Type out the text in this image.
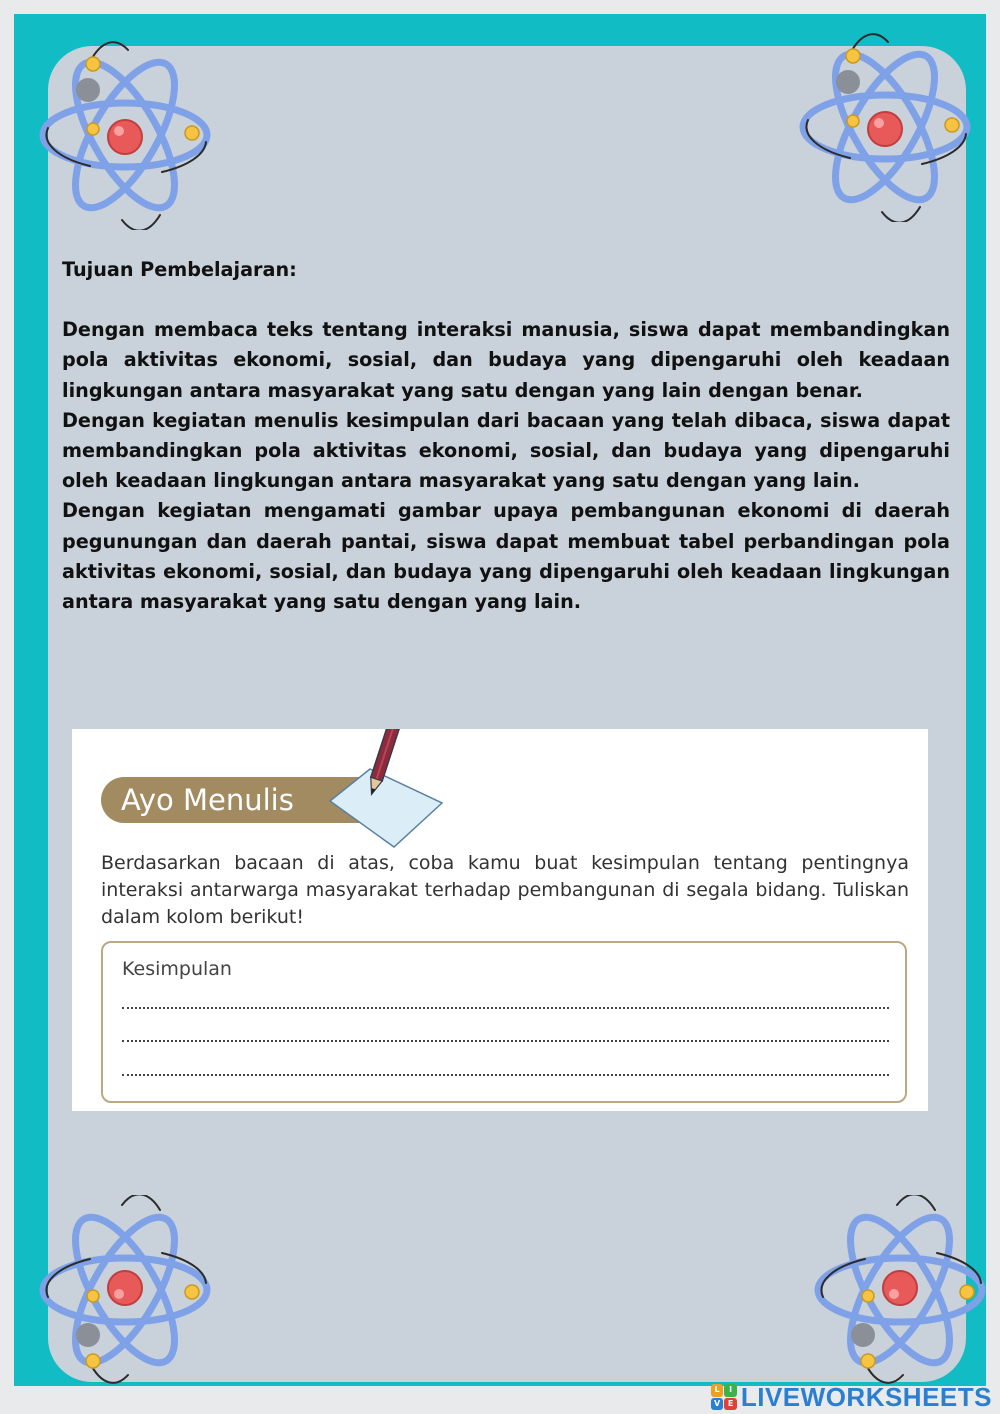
Tujuan Pembelajaran:

Dengan membaca teks tentang interaksi manusia, siswa dapat membandingkan pola aktivitas ekonomi, sosial, dan budaya yang dipengaruhi oleh keadaan lingkungan antara masyarakat yang satu dengan yang lain dengan benar.

Dengan kegiatan menulis kesimpulan dari bacaan yang telah dibaca, siswa dapat membandingkan pola aktivitas ekonomi, sosial, dan budaya yang dipengaruhi oleh keadaan lingkungan antara masyarakat yang satu dengan yang lain.

Dengan kegiatan mengamati gambar upaya pembangunan ekonomi di daerah pegunungan dan daerah pantai, siswa dapat membuat tabel perbandingan pola aktivitas ekonomi, sosial, dan budaya yang dipengaruhi oleh keadaan lingkungan antara masyarakat yang satu dengan yang lain.

Ayo Menulis
Berdasarkan bacaan di atas, coba kamu buat kesimpulan tentang pentingnya interaksi antarwarga masyarakat terhadap pembangunan di segala bidang. Tuliskan dalam kolom berikut!
Kesimpulan
L	I
V E LIVEWORKSHEETS
